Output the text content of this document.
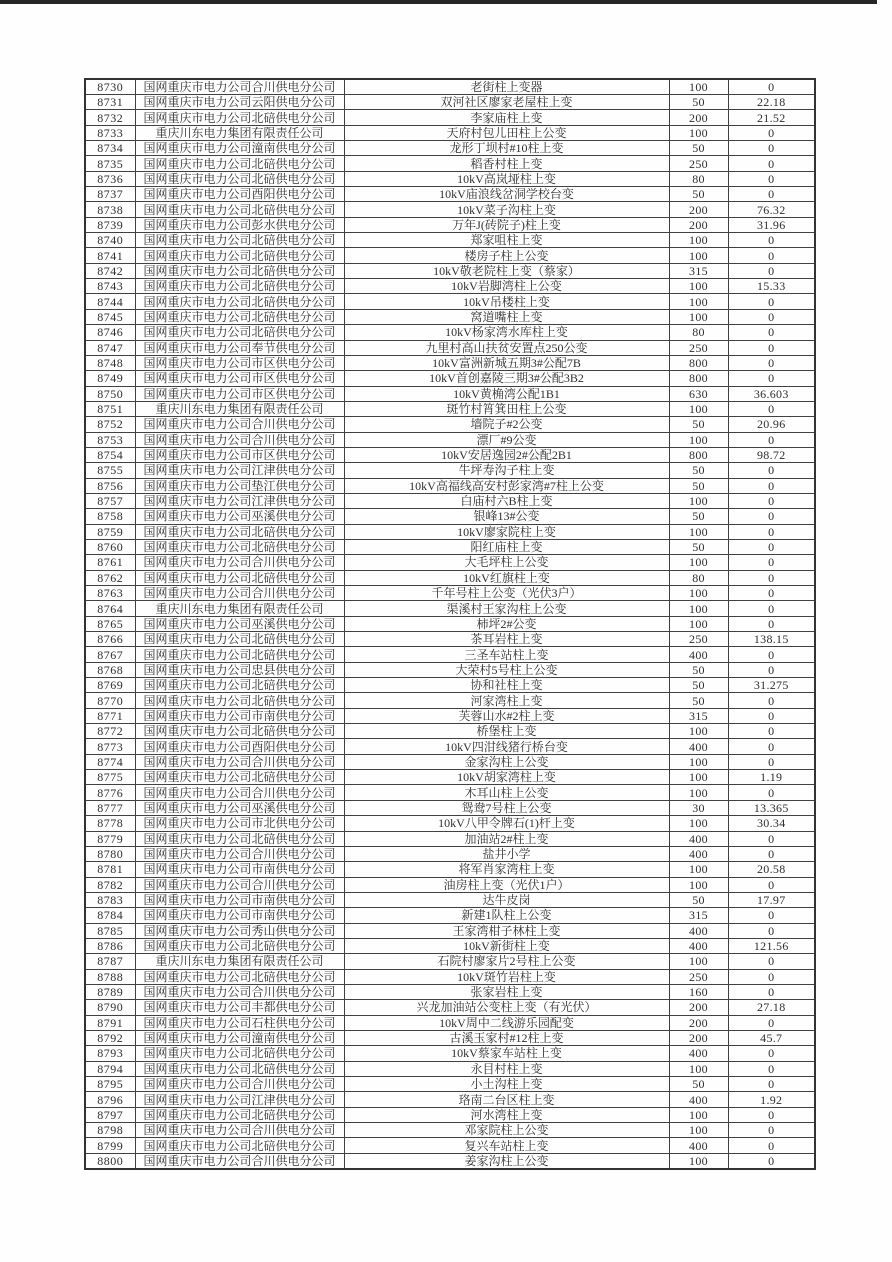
8730	国网重庆市电力公司合川供电分公司	老街柱上变器	100	0
8731	国网重庆市电力公司云阳供电分公司	双河社区廖家老屋柱上变	50	22.18
8732	国网重庆市电力公司北碚供电分公司	李家庙柱上变	200	21.52
8733	重庆川东电力集团有限责任公司	天府村包儿田柱上公变	100	0
8734	国网重庆市电力公司潼南供电分公司	龙形丁坝村#10柱上变	50	0
8735	国网重庆市电力公司北碚供电分公司	稻香村柱上变	250	0
8736	国网重庆市电力公司北碚供电分公司	10kV高岚垭柱上变	80	0
8737	国网重庆市电力公司酉阳供电分公司	10kV庙浪线岔洞学校台变	50	0
8738	国网重庆市电力公司北碚供电分公司	10kV菜子沟柱上变	200	76.32
8739	国网重庆市电力公司彭水供电分公司	万年J(砖院子)柱上变	200	31.96
8740	国网重庆市电力公司北碚供电分公司	郑家咀柱上变	100	0
8741	国网重庆市电力公司北碚供电分公司	楼房子柱上公变	100	0
8742	国网重庆市电力公司北碚供电分公司	10kV敬老院柱上变（蔡家）	315	0
8743	国网重庆市电力公司北碚供电分公司	10kV岩脚湾柱上公变	100	15.33
8744	国网重庆市电力公司北碚供电分公司	10kV吊楼柱上变	100	0
8745	国网重庆市电力公司北碚供电分公司	窝道嘴柱上变	100	0
8746	国网重庆市电力公司北碚供电分公司	10kV杨家湾水库柱上变	80	0
8747	国网重庆市电力公司奉节供电分公司	九里村高山扶贫安置点250公变	250	0
8748	国网重庆市电力公司市区供电分公司	10kV富洲新城五期3#公配7B	800	0
8749	国网重庆市电力公司市区供电分公司	10kV首创嘉陵三期3#公配3B2	800	0
8750	国网重庆市电力公司市区供电分公司	10kV黄桷湾公配1B1	630	36.603
8751	重庆川东电力集团有限责任公司	斑竹村筲箕田柱上公变	100	0
8752	国网重庆市电力公司合川供电分公司	墙院子#2公变	50	20.96
8753	国网重庆市电力公司合川供电分公司	漂厂#9公变	100	0
8754	国网重庆市电力公司市区供电分公司	10kV安居逸园2#公配2B1	800	98.72
8755	国网重庆市电力公司江津供电分公司	牛坪寿沟子柱上变	50	0
8756	国网重庆市电力公司垫江供电分公司	10kV高福线高安村彭家湾#7柱上公变	50	0
8757	国网重庆市电力公司江津供电分公司	白庙村六B柱上变	100	0
8758	国网重庆市电力公司巫溪供电分公司	银峰13#公变	50	0
8759	国网重庆市电力公司北碚供电分公司	10kV廖家院柱上变	100	0
8760	国网重庆市电力公司北碚供电分公司	阳红庙柱上变	50	0
8761	国网重庆市电力公司合川供电分公司	大毛坪柱上公变	100	0
8762	国网重庆市电力公司北碚供电分公司	10kV红旗柱上变	80	0
8763	国网重庆市电力公司合川供电分公司	千年号柱上公变（光伏3户）	100	0
8764	重庆川东电力集团有限责任公司	渠溪村王家沟柱上公变	100	0
8765	国网重庆市电力公司巫溪供电分公司	柿坪2#公变	100	0
8766	国网重庆市电力公司北碚供电分公司	茶耳岩柱上变	250	138.15
8767	国网重庆市电力公司北碚供电分公司	三圣车站柱上变	400	0
8768	国网重庆市电力公司忠县供电分公司	大荣村5号柱上公变	50	0
8769	国网重庆市电力公司北碚供电分公司	协和社柱上变	50	31.275
8770	国网重庆市电力公司北碚供电分公司	河家湾柱上变	50	0
8771	国网重庆市电力公司市南供电分公司	芙蓉山水#2柱上变	315	0
8772	国网重庆市电力公司北碚供电分公司	桥堡柱上变	100	0
8773	国网重庆市电力公司酉阳供电分公司	10kV四泔线猪行桥台变	400	0
8774	国网重庆市电力公司合川供电分公司	金家沟柱上公变	100	0
8775	国网重庆市电力公司北碚供电分公司	10kV胡家湾柱上变	100	1.19
8776	国网重庆市电力公司合川供电分公司	木耳山柱上公变	100	0
8777	国网重庆市电力公司巫溪供电分公司	鸳鸯7号柱上公变	30	13.365
8778	国网重庆市电力公司市北供电分公司	10kV八甲令牌石(1)杆上变	100	30.34
8779	国网重庆市电力公司北碚供电分公司	加油站2#柱上变	400	0
8780	国网重庆市电力公司合川供电分公司	盐井小学	400	0
8781	国网重庆市电力公司市南供电分公司	将军肖家湾柱上变	100	20.58
8782	国网重庆市电力公司合川供电分公司	油房柱上变（光伏1户）	100	0
8783	国网重庆市电力公司市南供电分公司	达牛皮岗	50	17.97
8784	国网重庆市电力公司市南供电分公司	新建1队柱上公变	315	0
8785	国网重庆市电力公司秀山供电分公司	王家湾柑子林柱上变	400	0
8786	国网重庆市电力公司北碚供电分公司	10kV新街柱上变	400	121.56
8787	重庆川东电力集团有限责任公司	石院村廖家片2号柱上公变	100	0
8788	国网重庆市电力公司北碚供电分公司	10kV斑竹岩柱上变	250	0
8789	国网重庆市电力公司合川供电分公司	张家岩柱上变	160	0
8790	国网重庆市电力公司丰都供电分公司	兴龙加油站公变柱上变（有光伏）	200	27.18
8791	国网重庆市电力公司石柱供电分公司	10kV周中二线游乐园配变	200	0
8792	国网重庆市电力公司潼南供电分公司	古溪玉家村#12柱上变	200	45.7
8793	国网重庆市电力公司北碚供电分公司	10kV蔡家车站柱上变	400	0
8794	国网重庆市电力公司北碚供电分公司	永目村柱上变	100	0
8795	国网重庆市电力公司合川供电分公司	小土沟柱上变	50	0
8796	国网重庆市电力公司江津供电分公司	珞南二台区柱上变	400	1.92
8797	国网重庆市电力公司北碚供电分公司	河水湾柱上变	100	0
8798	国网重庆市电力公司合川供电分公司	邓家院柱上公变	100	0
8799	国网重庆市电力公司北碚供电分公司	复兴车站柱上变	400	0
8800	国网重庆市电力公司合川供电分公司	姜家沟柱上公变	100	0
